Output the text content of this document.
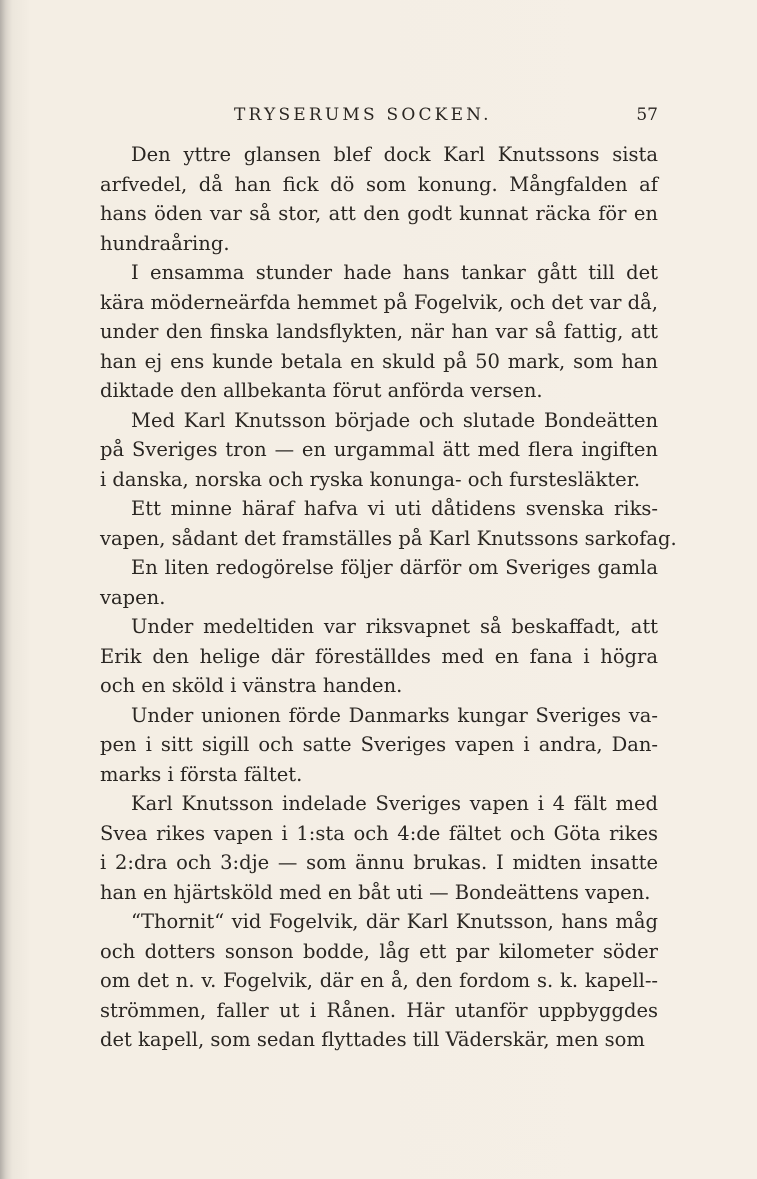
TRYSERUMS SOCKEN.	57

Den yttre glansen blef dock Karl Knutssons sista
arfvedel, då han fick dö som konung. Mångfalden af
hans öden var så stor, att den godt kunnat räcka för en
hundraåring.

I ensamma stunder hade hans tankar gått till det
kära möderneärfda hemmet på Fogelvik, och det var då,
under den finska landsflykten, när han var så fattig, att
han ej ens kunde betala en skuld på 50 mark, som han
diktade den allbekanta förut anförda versen.

Med Karl Knutsson började och slutade Bondeätten
på Sveriges tron — en urgammal ätt med flera ingiften
i danska, norska och ryska konunga- och furstesläkter.

Ett minne häraf hafva vi uti dåtidens svenska riks-
vapen, sådant det framställes på Karl Knutssons sarkofag.

En liten redogörelse följer därför om Sveriges gamla
vapen.

Under medeltiden var riksvapnet så beskaffadt, att
Erik den helige där föreställdes med en fana i högra
och en sköld i vänstra handen.

Under unionen förde Danmarks kungar Sveriges va-
pen i sitt sigill och satte Sveriges vapen i andra, Dan-
marks i första fältet.

Karl Knutsson indelade Sveriges vapen i 4 fält med
Svea rikes vapen i 1:sta och 4:de fältet och Göta rikes
i 2:dra och 3:dje — som ännu brukas. I midten insatte
han en hjärtsköld med en båt uti — Bondeättens vapen.

“Thornit“ vid Fogelvik, där Karl Knutsson, hans måg
och dotters sonson bodde, låg ett par kilometer söder
om det n. v. Fogelvik, där en å, den fordom s. k. kapell--
strömmen, faller ut i Rånen. Här utanför uppbyggdes
det kapell, som sedan flyttades till Väderskär, men som
